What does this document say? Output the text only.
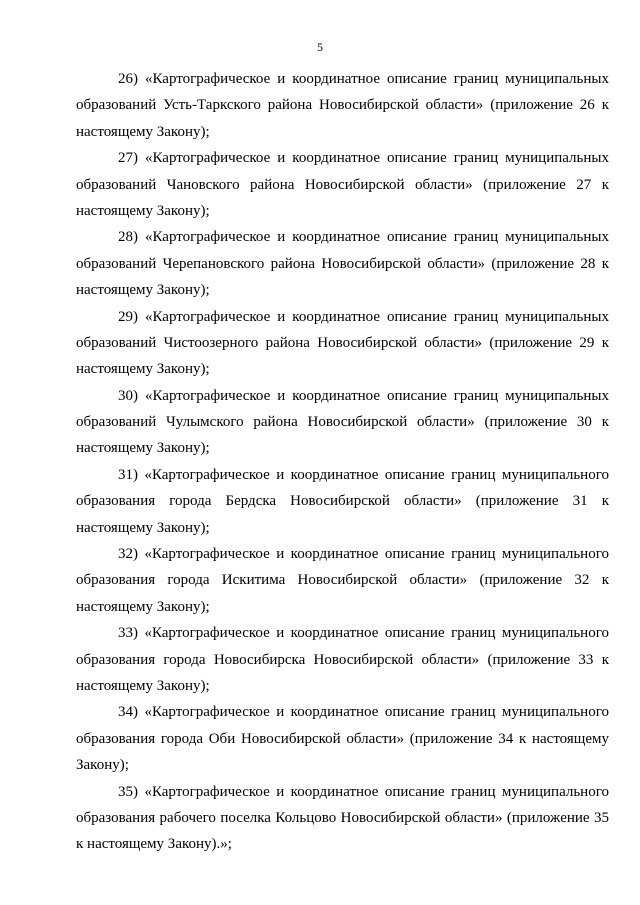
5
26) «Картографическое и координатное описание границ муниципальных
образований Усть-Таркского района Новосибирской области» (приложение 26 к
настоящему Закону);
27) «Картографическое и координатное описание границ муниципальных
образований Чановского района Новосибирской области» (приложение 27 к
настоящему Закону);
28) «Картографическое и координатное описание границ муниципальных
образований Черепановского района Новосибирской области» (приложение 28 к
настоящему Закону);
29) «Картографическое и координатное описание границ муниципальных
образований Чистоозерного района Новосибирской области» (приложение 29 к
настоящему Закону);
30) «Картографическое и координатное описание границ муниципальных
образований Чулымского района Новосибирской области» (приложение 30 к
настоящему Закону);
31) «Картографическое и координатное описание границ муниципального
образования города Бердска Новосибирской области» (приложение 31 к
настоящему Закону);
32) «Картографическое и координатное описание границ муниципального
образования города Искитима Новосибирской области» (приложение 32 к
настоящему Закону);
33) «Картографическое и координатное описание границ муниципального
образования города Новосибирска Новосибирской области» (приложение 33 к
настоящему Закону);
34) «Картографическое и координатное описание границ муниципального
образования города Оби Новосибирской области» (приложение 34 к настоящему
Закону);
35) «Картографическое и координатное описание границ муниципального
образования рабочего поселка Кольцово Новосибирской области» (приложение 35
к настоящему Закону).»;
